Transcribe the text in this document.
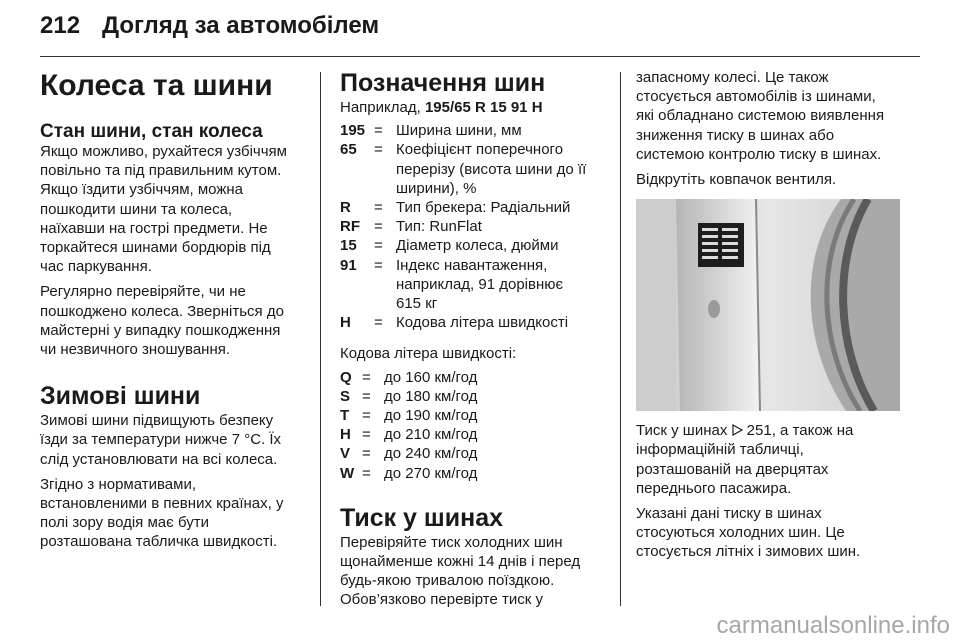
212 Догляд за автомобілем
Колеса та шини
Стан шини, стан колеса

Якщо можливо, рухайтеся узбіччям
повільно та під правильним кутом.
Якщо їздити узбіччям, можна
пошкодити шини та колеса,
наїхавши на гострі предмети. Не
торкайтеся шинами бордюрів під
час паркування.

Регулярно перевіряйте, чи не
пошкоджено колеса. Зверніться до
майстерні у випадку пошкодження
чи незвичного зношування.

Зимові шини

Зимові шини підвищують безпеку
їзди за температури нижче 7 °C. Їх
слід установлювати на всі колеса.

Згідно з нормативами,
встановленими в певних країнах, у
полі зору водія має бути
розташована табличка швидкості.

Позначення шин

Наприклад, 195/65 R 15 91 H

195	=	Ширина шини, мм
65	=	Коефіцієнт поперечного
перерізу (висота шини до її
ширини), %
R	=	Тип брекера: Радіальний
RF	=	Тип: RunFlat
15	=	Діаметр колеса, дюйми
91	=	Індекс навантаження,
наприклад, 91 дорівнює
615 кг
H	=	Кодова літера швидкості

Кодова літера швидкості:

Q	=	до 160 км/год
S	=	до 180 км/год
T	=	до 190 км/год
H	=	до 210 км/год
V	=	до 240 км/год
W	=	до 270 км/год
Тиск у шинах

Перевіряйте тиск холодних шин
щонайменше кожні 14 днів і перед
будь-якою тривалою поїздкою.
Обов’язково перевірте тиск у

запасному колесі. Це також
стосується автомобілів із шинами,
які обладнано системою виявлення
зниження тиску в шинах або
системою контролю тиску в шинах.

Відкрутіть ковпачок вентиля.

Тиск у шинах  251, а також на
інформаційній табличці,
розташованій на дверцятах
переднього пасажира.

Указані дані тиску в шинах
стосуються холодних шин. Це
стосується літніх і зимових шин.

carmanualsonline.info
